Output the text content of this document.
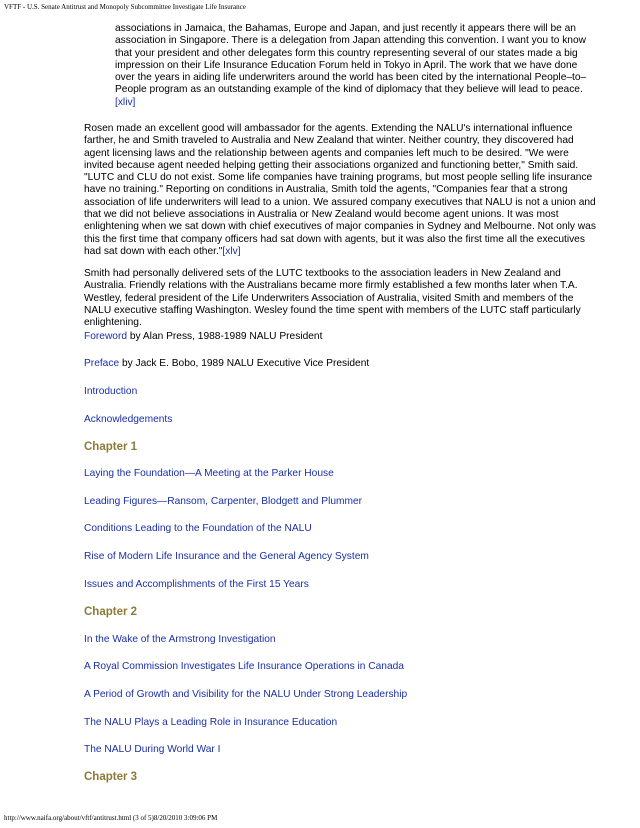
VFTF - U.S. Senate Antitrust and Monopoly Subcommittee Investigate Life Insurance
associations in Jamaica, the Bahamas, Europe and Japan, and just recently it appears there will be an association in Singapore. There is a delegation from Japan attending this convention. I want you to know that your president and other delegates form this country representing several of our states made a big impression on their Life Insurance Education Forum held in Tokyo in April. The work that we have done over the years in aiding life underwriters around the world has been cited by the international People–to–People program as an outstanding example of the kind of diplomacy that they believe will lead to peace.[xliv]
Rosen made an excellent good will ambassador for the agents. Extending the NALU's international influence farther, he and Smith traveled to Australia and New Zealand that winter. Neither country, they discovered had agent licensing laws and the relationship between agents and companies left much to be desired. "We were invited because agent needed helping getting their associations organized and functioning better," Smith said. "LUTC and CLU do not exist. Some life companies have training programs, but most people selling life insurance have no training." Reporting on conditions in Australia, Smith told the agents, "Companies fear that a strong association of life underwriters will lead to a union. We assured company executives that NALU is not a union and that we did not believe associations in Australia or New Zealand would become agent unions. It was most enlightening when we sat down with chief executives of major companies in Sydney and Melbourne. Not only was this the first time that company officers had sat down with agents, but it was also the first time all the executives had sat down with each other."[xlv]
Smith had personally delivered sets of the LUTC textbooks to the association leaders in New Zealand and Australia. Friendly relations with the Australians became more firmly established a few months later when T.A. Westley, federal president of the Life Underwriters Association of Australia, visited Smith and members of the NALU executive staffing Washington. Wesley found the time spent with members of the LUTC staff particularly enlightening.
Foreword by Alan Press, 1988-1989 NALU President
Preface by Jack E. Bobo, 1989 NALU Executive Vice President
Introduction
Acknowledgements
Chapter 1
Laying the Foundation—A Meeting at the Parker House
Leading Figures—Ransom, Carpenter, Blodgett and Plummer
Conditions Leading to the Foundation of the NALU
Rise of Modern Life Insurance and the General Agency System
Issues and Accomplishments of the First 15 Years
Chapter 2
In the Wake of the Armstrong Investigation
A Royal Commission Investigates Life Insurance Operations in Canada
A Period of Growth and Visibility for the NALU Under Strong Leadership
The NALU Plays a Leading Role in Insurance Education
The NALU During World War I
Chapter 3
http://www.naifa.org/about/vftf/antitrust.html (3 of 5)8/20/2010 3:09:06 PM
